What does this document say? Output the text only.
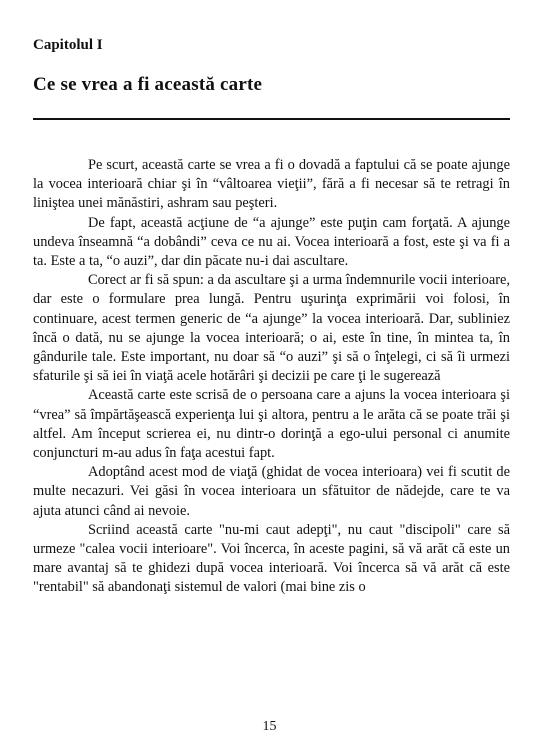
Capitolul I
Ce se vrea a fi această carte

Pe scurt, această carte se vrea a fi o dovadă a faptului că se poate ajunge la vocea interioară chiar şi în “vâltoarea vieţii”, fără a fi necesar să te retragi în linişteа unei mănăstiri, ashram sau peşteri.

De fapt, această acţiune de “a ajunge” este puţin cam forţată. A ajunge undeva înseamnă “a dobândi” ceva ce nu ai. Vocea interioară a fost, este şi va fi a ta. Este a ta, “o auzi”, dar din păcate nu-i dai ascultare.

Corect ar fi să spun: a da ascultare şi a urma îndemnurile vocii interioare, dar este o formulare prea lungă. Pentru uşurinţa exprimării voi folosi, în continuare, acest termen generic de “a ajunge” la vocea interioară. Dar, subliniez încă o dată, nu se ajunge la vocea interioară; o ai, este în tine, în mintea ta, în gândurile tale. Este important, nu doar să “o auzi” şi să o înţelegi, ci să îi urmezi sfaturile şi să iei în viaţă acele hotărâri şi decizii pe care ţi le sugerează

Această carte este scrisă de o persoana care a ajuns la vocea interioara şi “vrea” să împărtăşească experienţa lui şi altora, pentru a le arăta că se poate trăi şi altfel. Am început scrierea ei, nu dintr-o dorinţă a ego-ului personal ci anumite conjuncturi m-au adus în faţa acestui fapt.

Adoptând acest mod de viaţă (ghidat de vocea interioara) vei fi scutit de multe necazuri. Vei găsi în vocea interioara un sfătuitor de nădejde, care te va ajuta atunci când ai nevoie.

Scriind această carte "nu-mi caut adepţi", nu caut "discipoli" care să urmeze "calea vocii interioare". Voi încerca, în aceste pagini, să vă arăt că este un mare avantaj să te ghidezi după vocea interioară. Voi încerca să vă arăt că este "rentabil" să abandonaţi sistemul de valori (mai bine zis o

15
